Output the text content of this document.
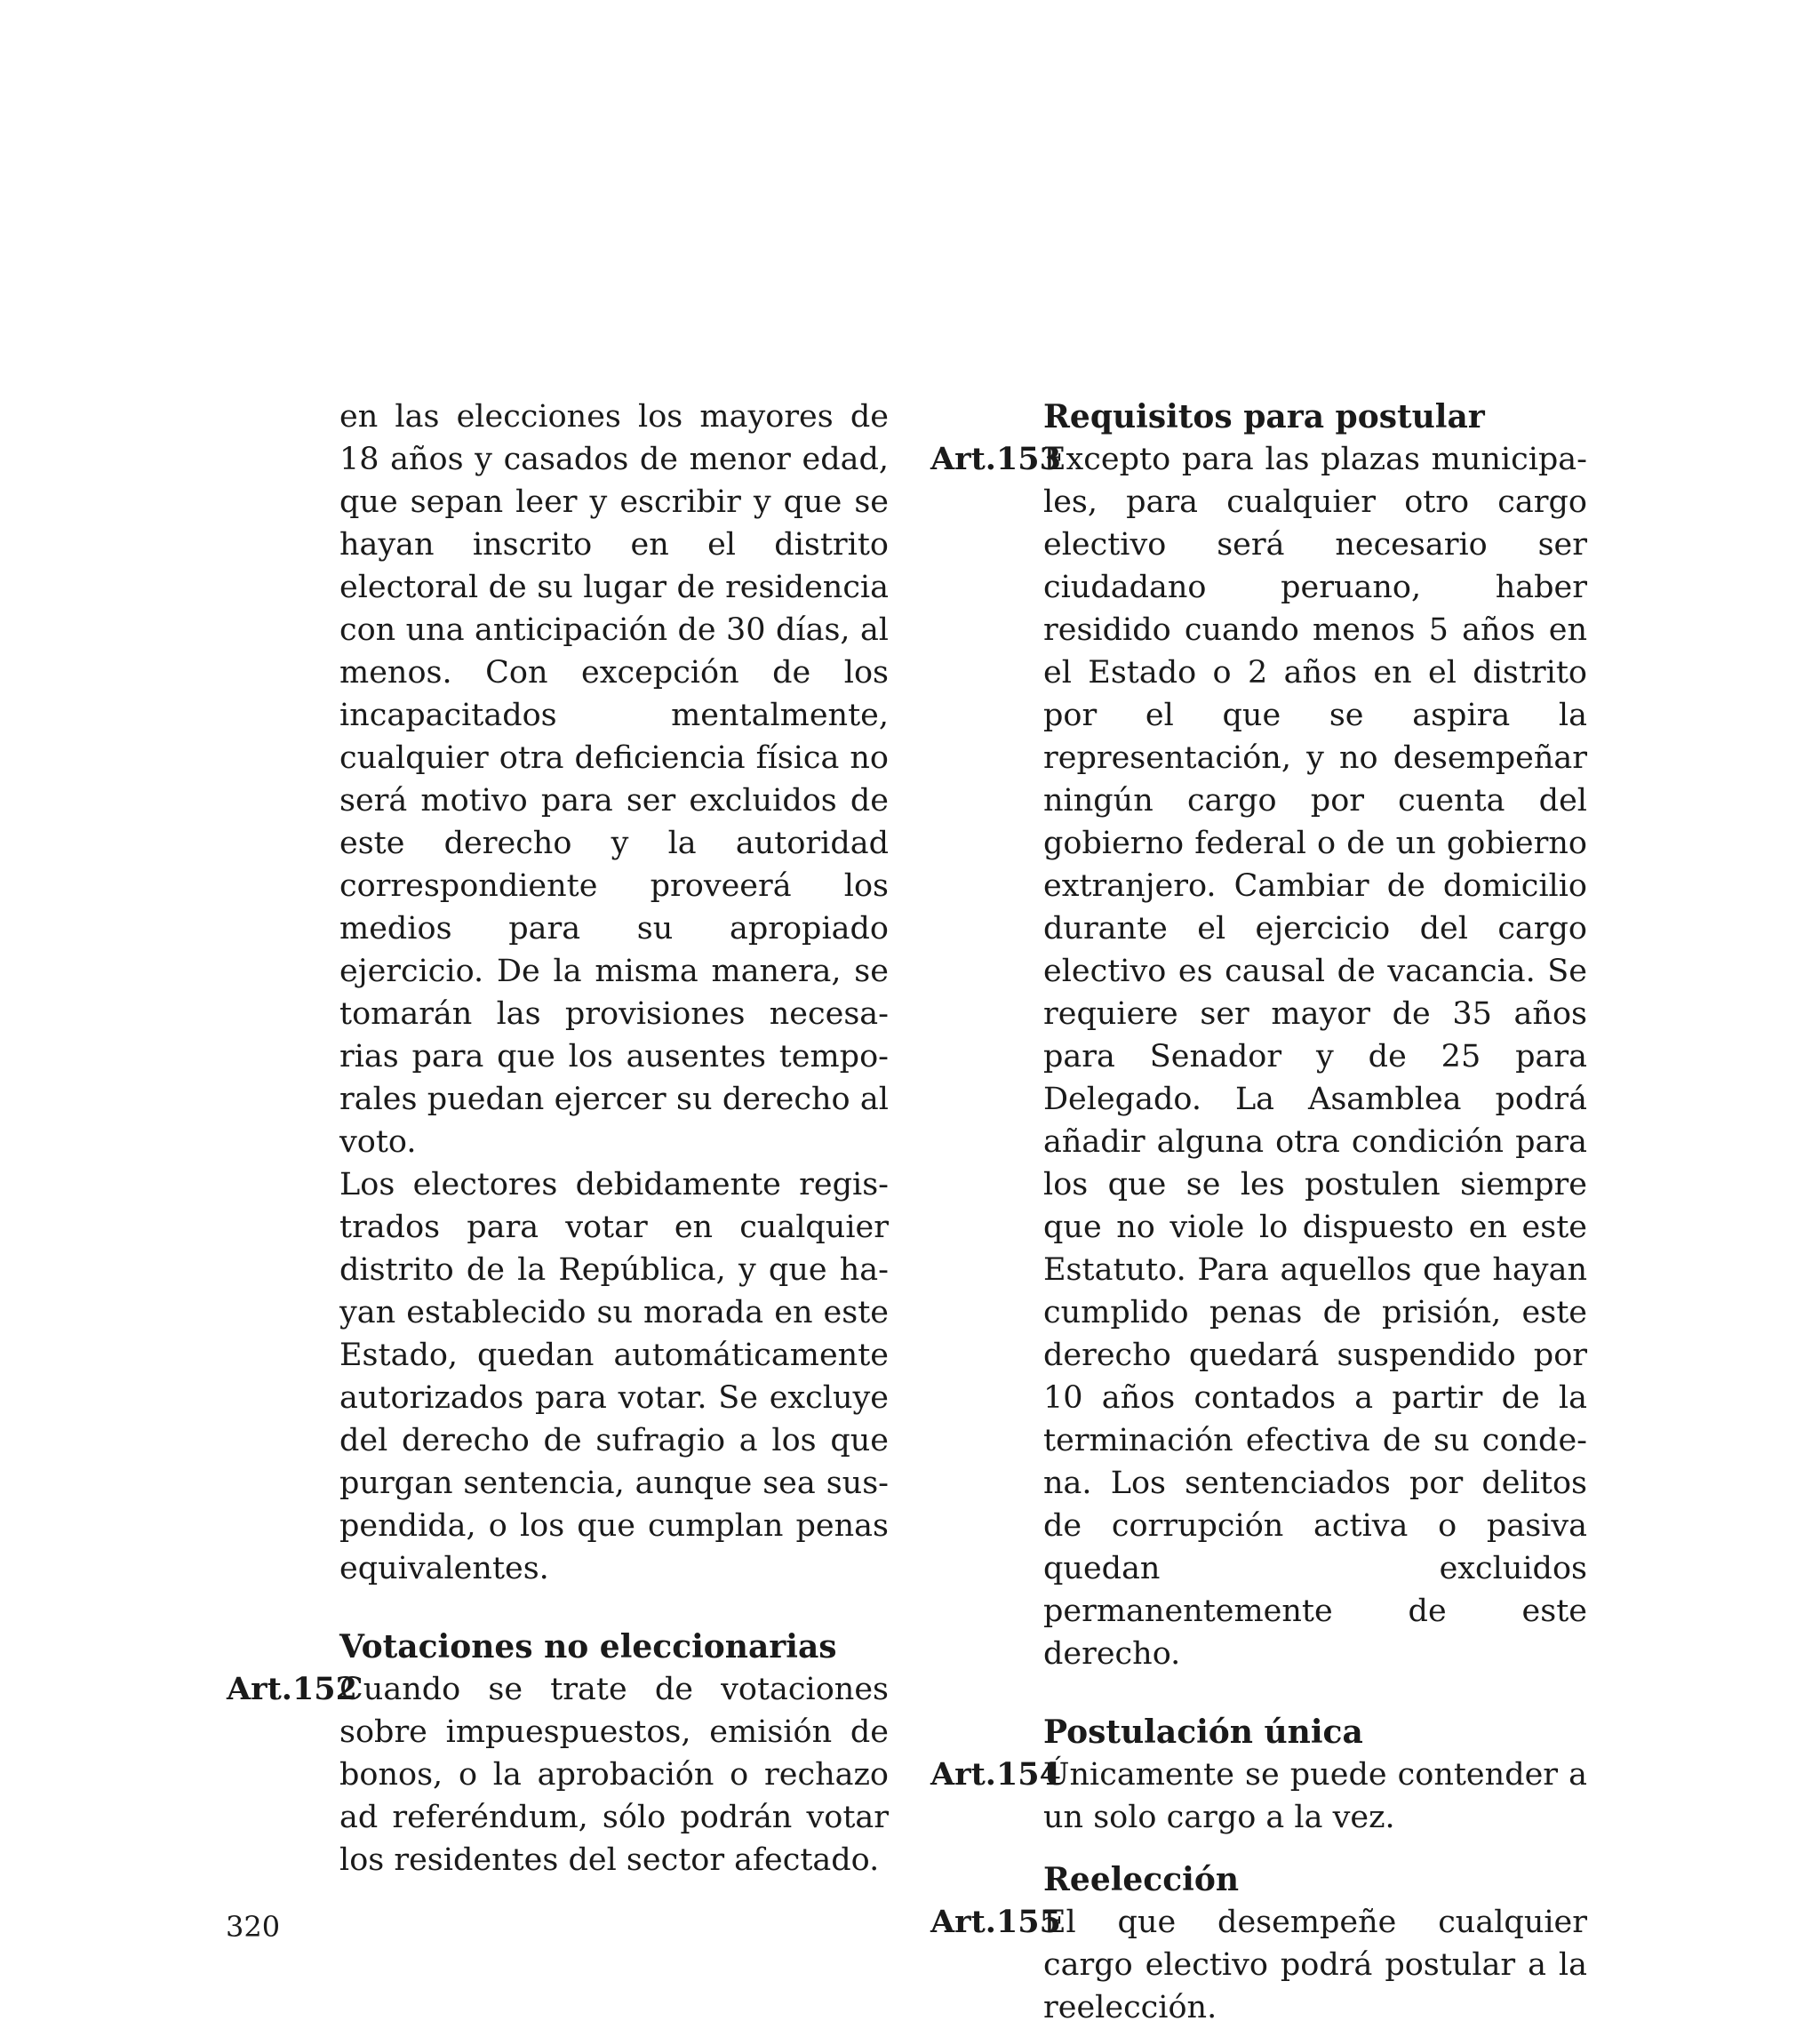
en las elecciones los mayores de 18 años y casados de menor edad, que sepan leer y escribir y que se hayan inscrito en el distrito electoral de su lugar de residencia con una anticipación de 30 días, al menos. Con excepción de los incapacitados mentalmente, cualquier otra deficiencia física no será motivo para ser excluidos de este derecho y la autoridad correspondiente proveerá los medios para su apropiado ejercicio. De la misma manera, se tomarán las provisiones necesarias para que los ausentes temporales puedan ejercer su derecho al voto.

Los electores debidamente registrados para votar en cualquier distrito de la República, y que hayan establecido su morada en este Estado, quedan automáticamente autorizados para votar. Se excluye del derecho de sufragio a los que purgan sentencia, aunque sea suspendida, o los que cumplan penas equivalentes.

Votaciones no eleccionarias
Art.152

Cuando se trate de votaciones sobre impuespuestos, emisión de bonos, o la aprobación o rechazo ad referéndum, sólo podrán votar los residentes del sector afectado.

Requisitos para postular
Art.153

Excepto para las plazas municipales, para cualquier otro cargo electivo será necesario ser ciudadano peruano, haber residido cuando menos 5 años en el Estado o 2 años en el distrito por el que se aspira la representación, y no desempeñar ningún cargo por cuenta del gobierno federal o de un gobierno extranjero. Cambiar de domicilio durante el ejercicio del cargo electivo es causal de vacancia. Se requiere ser mayor de 35 años para Senador y de 25 para Delegado. La Asamblea podrá añadir alguna otra condición para los que se les postulen siempre que no viole lo dispuesto en este Estatuto. Para aquellos que hayan cumplido penas de prisión, este derecho quedará suspendido por 10 años contados a partir de la terminación efectiva de su condena. Los sentenciados por delitos de corrupción activa o pasiva quedan excluidos permanentemente de este derecho.

Postulación única
Art.154

Únicamente se puede contender a un solo cargo a la vez.

Reelección
Art.155

El que desempeñe cualquier cargo electivo podrá postular a la reelección.

320
